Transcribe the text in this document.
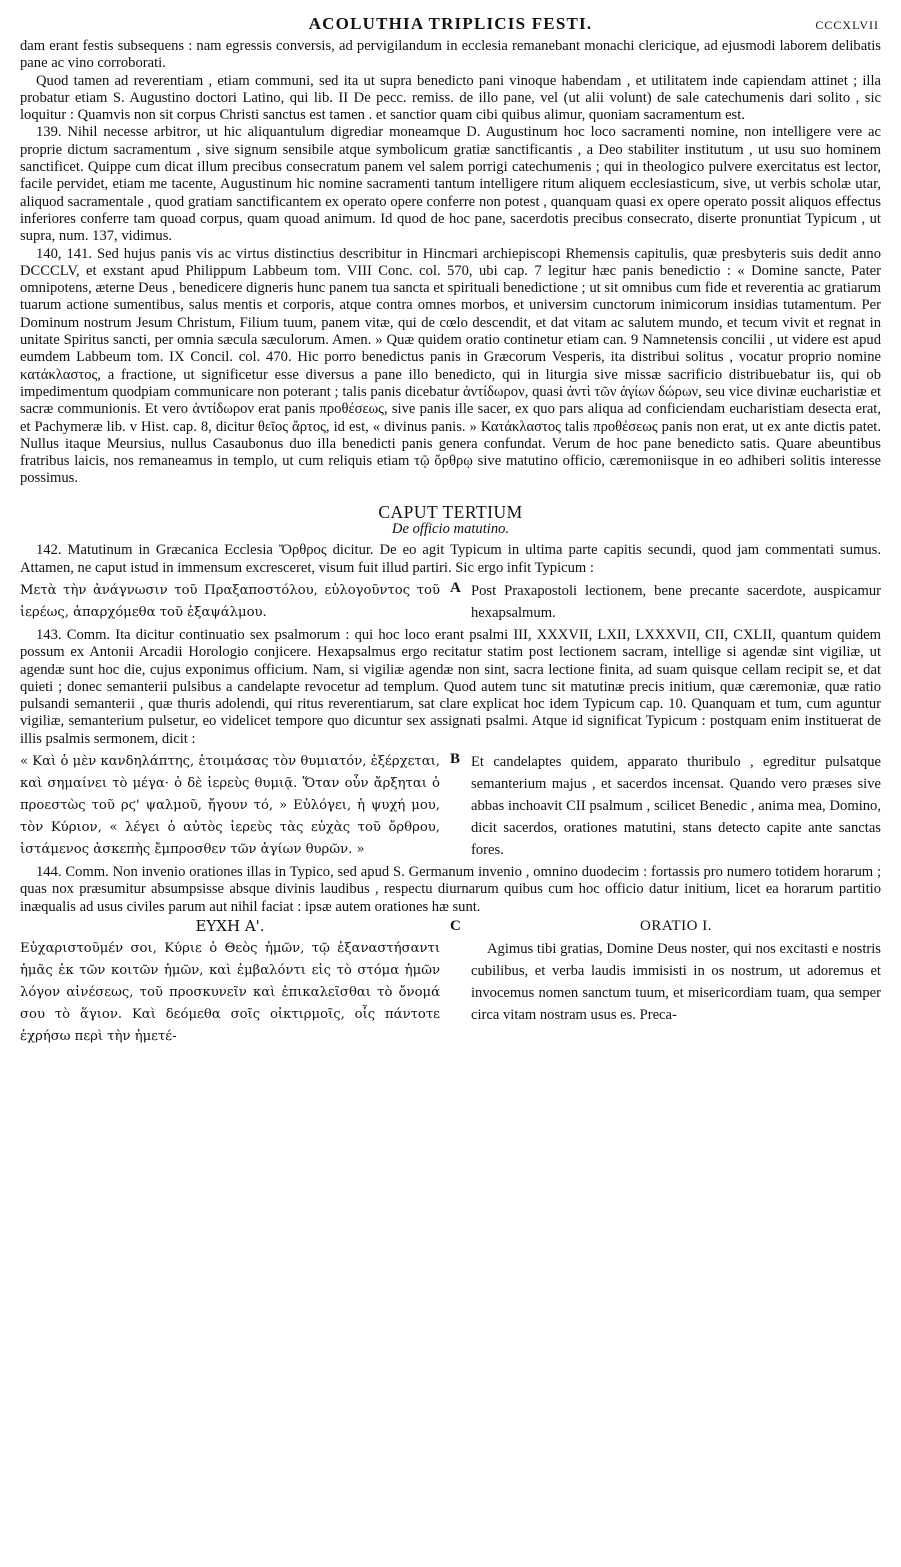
ACOLUTHIA TRIPLICIS FESTI.	CCCXLVII

dam erant festis subsequens : nam egressis conversis, ad pervigilandum in ecclesia remanebant monachi clericique, ad ejusmodi laborem delibatis pane ac vino corroborati.

Quod tamen ad reverentiam , etiam communi, sed ita ut supra benedicto pani vinoque habendam , et utilitatem inde capiendam attinet ; illa probatur etiam S. Augustino doctori Latino, qui lib. II De pecc. remiss. de illo pane, vel (ut alii volunt) de sale catechumenis dari solito , sic loquitur : Quamvis non sit corpus Christi sanctus est tamen . et sanctior quam cibi quibus alimur, quoniam sacramentum est.

139. Nihil necesse arbitror, ut hic aliquantulum digrediar moneamque D. Augustinum hoc loco sacramenti nomine, non intelligere vere ac proprie dictum sacramentum , sive signum sensibile atque symbolicum gratiæ sanctificantis , a Deo stabiliter institutum , ut usu suo hominem sanctificet. Quippe cum dicat illum precibus consecratum panem vel salem porrigi catechumenis ; qui in theologico pulvere exercitatus est lector, facile pervidet, etiam me tacente, Augustinum hic nomine sacramenti tantum intelligere ritum aliquem ecclesiasticum, sive, ut verbis scholæ utar, aliquod sacramentale , quod gratiam sanctificantem ex operato opere conferre non potest , quanquam quasi ex opere operato possit aliquos effectus inferiores conferre tam quoad corpus, quam quoad animum. Id quod de hoc pane, sacerdotis precibus consecrato, diserte pronuntiat Typicum , ut supra, num. 137, vidimus.

140, 141. Sed hujus panis vis ac virtus distinctius describitur in Hincmari archiepiscopi Rhemensis capitulis, quæ presbyteris suis dedit anno DCCCLV, et exstant apud Philippum Labbeum tom. VIII Conc. col. 570, ubi cap. 7 legitur hæc panis benedictio : « Domine sancte, Pater omnipotens, æterne Deus , benedicere digneris hunc panem tua sancta et spirituali benedictione ; ut sit omnibus cum fide et reverentia ac gratiarum tuarum actione sumentibus, salus mentis et corporis, atque contra omnes morbos, et universim cunctorum inimicorum insidias tutamentum. Per Dominum nostrum Jesum Christum, Filium tuum, panem vitæ, qui de cœlo descendit, et dat vitam ac salutem mundo, et tecum vivit et regnat in unitate Spiritus sancti, per omnia sæcula sæculorum. Amen. » Quæ quidem oratio continetur etiam can. 9 Namnetensis concilii , ut videre est apud eumdem Labbeum tom. IX Concil. col. 470. Hic porro benedictus panis in Græcorum Vesperis, ita distribui solitus , vocatur proprio nomine κατάκλαστος, a fractione, ut significetur esse diversus a pane illo benedicto, qui in liturgia sive missæ sacrificio distribuebatur iis, qui ob impedimentum quodpiam communicare non poterant ; talis panis dicebatur ἀντίδωρον, quasi ἀντὶ τῶν ἁγίων δώρων, seu vice divinæ eucharistiæ et sacræ communionis. Et vero ἀντίδωρον erat panis προθέσεως, sive panis ille sacer, ex quo pars aliqua ad conficiendam eucharistiam desecta erat, et Pachymeræ lib. v Hist. cap. 8, dicitur θεῖος ἄρτος, id est, « divinus panis. » Κατάκλαστος talis προθέσεως panis non erat, ut ex ante dictis patet. Nullus itaque Meursius, nullus Casaubonus duo illa benedicti panis genera confundat. Verum de hoc pane benedicto satis. Quare abeuntibus fratribus laicis, nos remaneamus in templo, ut cum reliquis etiam τῷ ὄρθρῳ sive matutino officio, cæremoniisque in eo adhiberi solitis interesse possimus.

CAPUT TERTIUM
De officio matutino.

142. Matutinum in Græcanica Ecclesia Ὄρθρος dicitur. De eo agit Typicum in ultima parte capitis secundi, quod jam commentati sumus. Attamen, ne caput istud in immensum excresceret, visum fuit illud partiri. Sic ergo infit Typicum :

Μετὰ τὴν ἀνάγνωσιν τοῦ Πραξαποστόλου, εὐλογοῦντος τοῦ ἱερέως, ἀπαρχόμεθα τοῦ ἑξαψάλμου.
A Post Praxapostoli lectionem, bene precante sacerdote, auspicamur hexapsalmum.

143. Comm. Ita dicitur continuatio sex psalmorum : qui hoc loco erant psalmi III, XXXVII, LXII, LXXXVII, CII, CXLII, quantum quidem possum ex Antonii Arcadii Horologio conjicere. Hexapsalmus ergo recitatur statim post lectionem sacram, intellige si agendæ sint vigiliæ, ut agendæ sunt hoc die, cujus exponimus officium. Nam, si vigiliæ agendæ non sint, sacra lectione finita, ad suam quisque cellam recipit se, et dat quieti ; donec semanterii pulsibus a candelapte revocetur ad templum. Quod autem tunc sit matutinæ precis initium, quæ cæremoniæ, quæ ratio pulsandi semanterii , quæ thuris adolendi, qui ritus reverentiarum, sat clare explicat hoc idem Typicum cap. 10. Quanquam et tum, cum aguntur vigiliæ, semanterium pulsetur, eo videlicet tempore quo dicuntur sex assignati psalmi. Atque id significat Typicum : postquam enim instituerat de illis psalmis sermonem, dicit :

« Καὶ ὁ μὲν κανδηλάπτης, ἑτοιμάσας τὸν θυμιατόν, ἐξέρχεται, καὶ σημαίνει τὸ μέγα· ὁ δὲ ἱερεὺς θυμιᾷ. Ὅταν οὖν ἄρξηται ὁ προεστὼς τοῦ ρϛ' ψαλμοῦ, ἤγουν τό, » Εὐλόγει, ἡ ψυχή μου, τὸν Κύριον, « λέγει ὁ αὐτὸς ἱερεὺς τὰς εὐχὰς τοῦ ὄρθρου, ἱστάμενος ἀσκεπὴς ἔμπροσθεν τῶν ἁγίων θυρῶν. »
B Et candelaptes quidem, apparato thuribulo , egreditur pulsatque semanterium majus , et sacerdos incensat. Quando vero præses sive abbas inchoavit CII psalmum , scilicet Benedic , anima mea, Domino, dicit sacerdos, orationes matutini, stans detecto capite ante sanctas fores.

144. Comm. Non invenio orationes illas in Typico, sed apud S. Germanum invenio , omnino duodecim : fortassis pro numero totidem horarum ; quas nox præsumitur absumpsisse absque divinis laudibus , respectu diurnarum quibus cum hoc officio datur initium, licet ea horarum partitio inæqualis ad usus civiles parum aut nihil faciat : ipsæ autem orationes hæ sunt.

ΕΥΧΗ Α'.	C	ORATIO I.
Εὐχαριστοῦμέν σοι, Κύριε ὁ Θεὸς ἡμῶν, τῷ ἐξαναστήσαντι ἡμᾶς ἐκ τῶν κοιτῶν ἡμῶν, καὶ ἐμβαλόντι εἰς τὸ στόμα ἡμῶν λόγον αἰνέσεως, τοῦ προσκυνεῖν καὶ ἐπικαλεῖσθαι τὸ ὄνομά σου τὸ ἅγιον. Καὶ δεόμεθα σοῖς οἰκτιρμοῖς, οἷς πάντοτε ἐχρήσω περὶ τὴν ἡμετέ-
Agimus tibi gratias, Domine Deus noster, qui nos excitasti e nostris cubilibus, et verba laudis immisisti in os nostrum, ut adoremus et invocemus nomen sanctum tuum, et misericordiam tuam, qua semper circa vitam nostram usus es. Preca-
